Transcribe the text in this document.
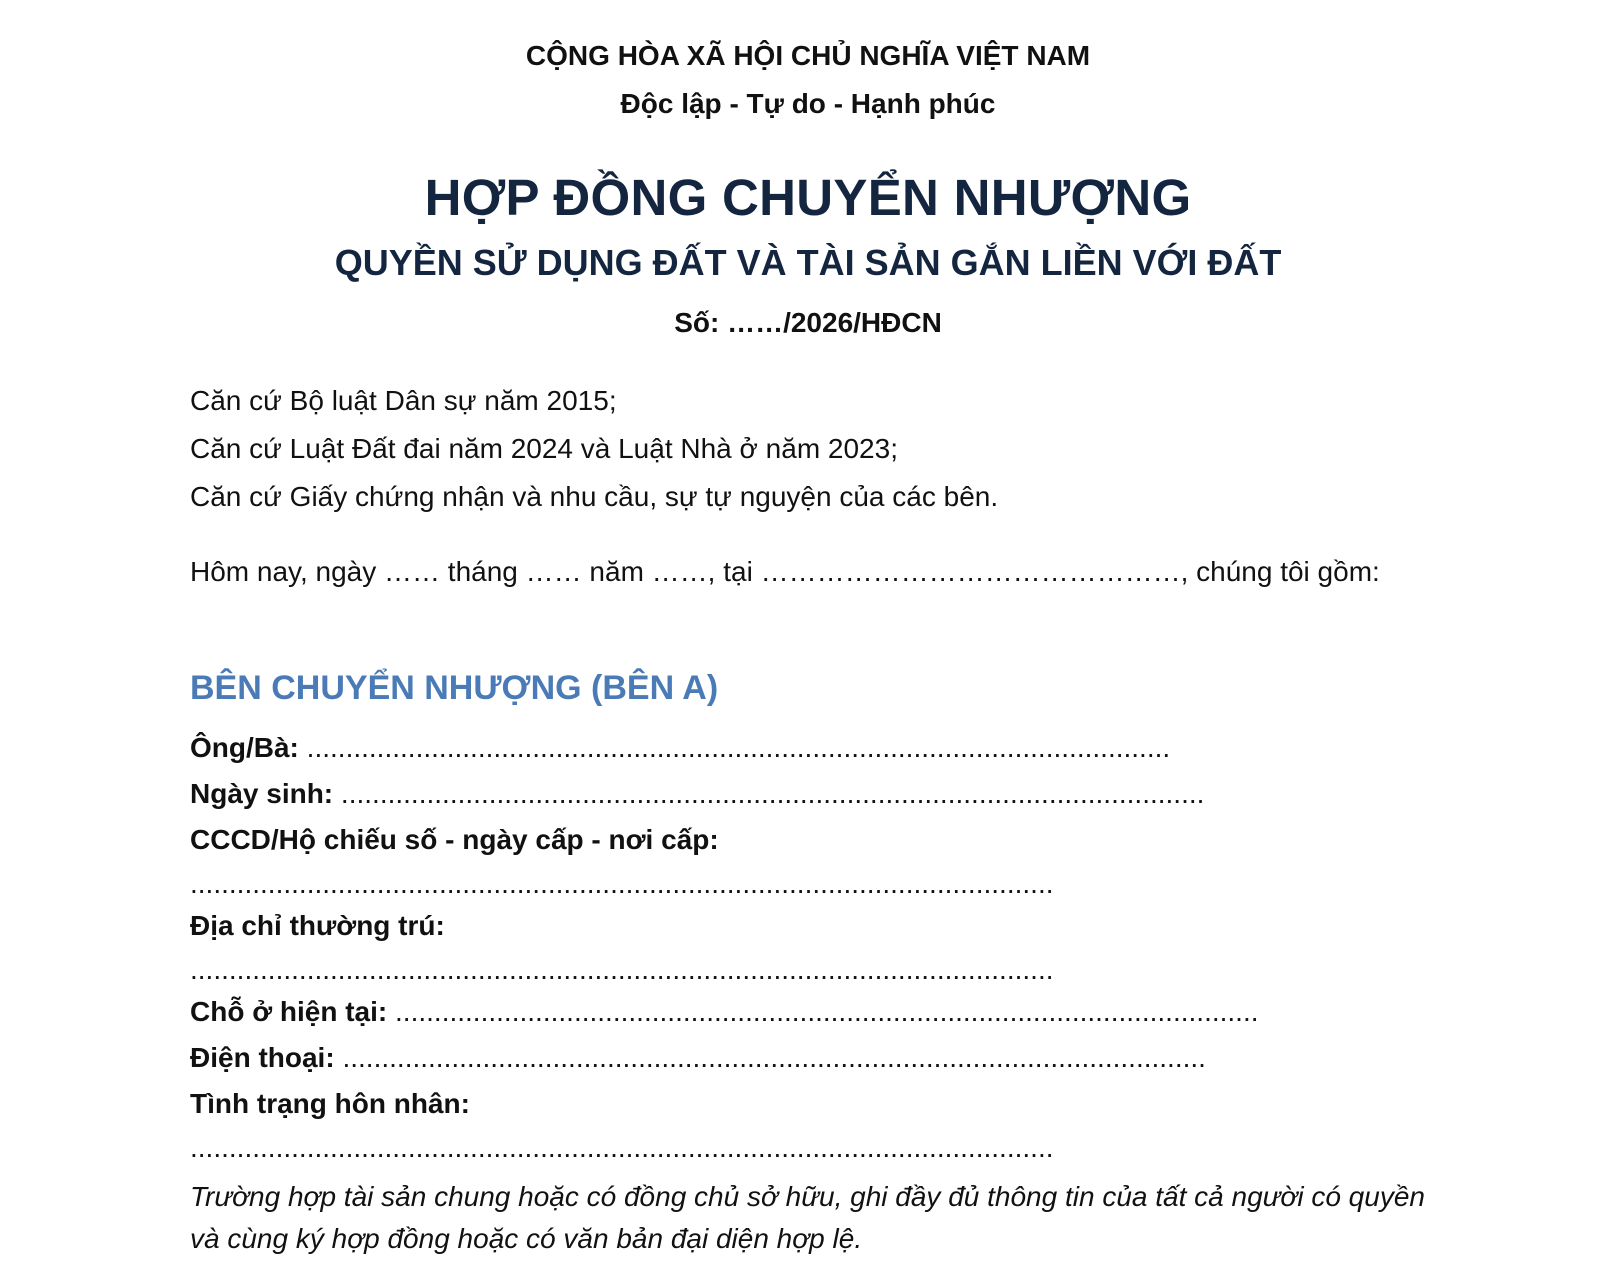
CỘNG HÒA XÃ HỘI CHỦ NGHĨA VIỆT NAM
Độc lập - Tự do - Hạnh phúc
HỢP ĐỒNG CHUYỂN NHƯỢNG
QUYỀN SỬ DỤNG ĐẤT VÀ TÀI SẢN GẮN LIỀN VỚI ĐẤT
Số: ……/2026/HĐCN
Căn cứ Bộ luật Dân sự năm 2015;
Căn cứ Luật Đất đai năm 2024 và Luật Nhà ở năm 2023;
Căn cứ Giấy chứng nhận và nhu cầu, sự tự nguyện của các bên.
Hôm nay, ngày …… tháng …… năm ……, tại ………………………………………, chúng tôi gồm:
BÊN CHUYỂN NHƯỢNG (BÊN A)
Ông/Bà: ...............................................................................................................
Ngày sinh: ...............................................................................................................
CCCD/Hộ chiếu số - ngày cấp - nơi cấp:
...............................................................................................................
Địa chỉ thường trú:
...............................................................................................................
Chỗ ở hiện tại: ...............................................................................................................
Điện thoại: ...............................................................................................................
Tình trạng hôn nhân:
...............................................................................................................
Trường hợp tài sản chung hoặc có đồng chủ sở hữu, ghi đầy đủ thông tin của tất cả người có quyền và cùng ký hợp đồng hoặc có văn bản đại diện hợp lệ.
